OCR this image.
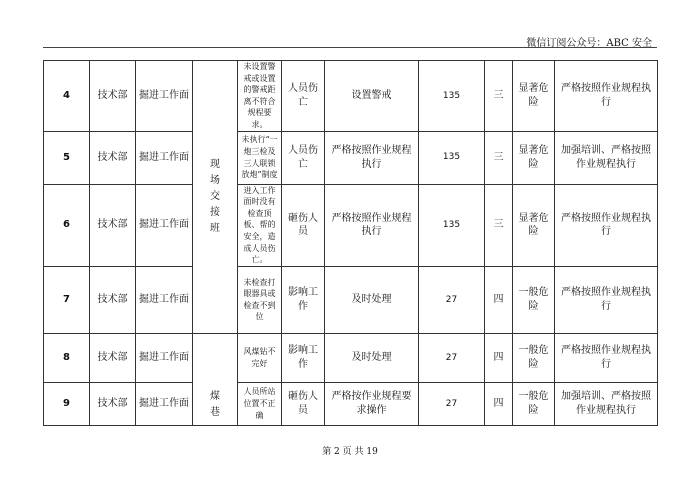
微信订阅公众号：ABC 安全
4	技术部	掘进工作面	现场交接班	未设置警戒或设置的警戒距离不符合规程要求。	人员伤亡	设置警戒	135	三	显著危险	严格按照作业规程执行
5	技术部	掘进工作面		未执行“一炮三检及三人联锁放炮”制度	人员伤亡	严格按照作业规程执行	135	三	显著危险	加强培训、严格按照作业规程执行
6	技术部	掘进工作面		进入工作面时没有检查顶板、帮的安全，造成人员伤亡。	砸伤人员	严格按照作业规程执行	135	三	显著危险	严格按照作业规程执行
7	技术部	掘进工作面		未检查打眼器具或检查不到位	影响工作	及时处理	27	四	一般危险	严格按照作业规程执行
8	技术部	掘进工作面	煤巷	风煤钻不完好	影响工作	及时处理	27	四	一般危险	严格按照作业规程执行
9	技术部	掘进工作面		人员所站位置不正确	砸伤人员	严格按作业规程要求操作	27	四	一般危险	加强培训、严格按照作业规程执行
第 2 页 共 19
